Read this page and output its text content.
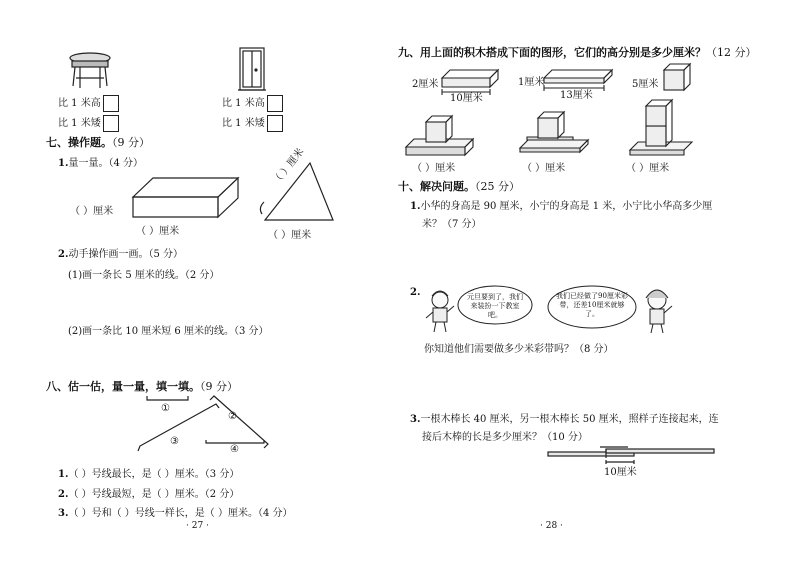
比 1 米高
比 1 米矮
比 1 米高
比 1 米矮
七、操作题。（9 分）
1.量一量。（4 分）
（ ）厘米
（ ）厘米	（ ）厘米
（ ）厘米
2.动手操作画一画。（5 分）
(1)画一条长 5 厘米的线。（2 分）
(2)画一条比 10 厘米短 6 厘米的线。（3 分）
八、估一估，量一量，填一填。（9 分）
①
②
③
④
1.（ ）号线最长，是（ ）厘米。（3 分）
2.（ ）号线最短，是（ ）厘米。（2 分）
3.（ ）号和（ ）号线一样长，是（ ）厘米。（4 分）
· 27 ·
九、用上面的积木搭成下面的图形，它们的高分别是多少厘米？（12 分）
2厘米
10厘米
1厘米
13厘米
5厘米
（ ）厘米	（ ）厘米	（ ）厘米
十、解决问题。（25 分）
1.小华的身高是 90 厘米，小宁的身高是 1 米，小宁比小华高多少厘
米？（7 分）
2.	元旦要到了，我们来装扮一下教室吧。
我们已经做了90厘米彩带，还差10厘米就够了。
你知道他们需要做多少米彩带吗？（8 分）
3.一根木棒长 40 厘米，另一根木棒长 50 厘米，照样子连接起来，连
接后木棒的长是多少厘米？（10 分）
10厘米
· 28 ·
